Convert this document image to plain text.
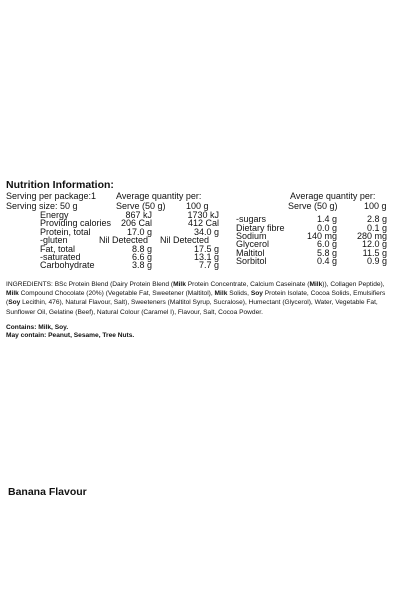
Nutrition Information:
Serving per package:1 Average quantity per:	Average quantity per:
Serving size: 50 g	Serve (50 g) 100 g	Serve (50 g)	100 g
Energy	867 kJ	1730 kJ
Providing calories 206 Cal	412 Cal
Protein, total	17.0 g	34.0 g
-gluten	Nil Detected Nil Detected
Fat, total	8.8 g	17.5 g
-saturated	6.6 g	13.1 g
Carbohydrate	3.8 g	7.7 g
-sugars	1.4 g	2.8 g
Dietary fibre	0.0 g	0.1 g
Sodium	140 mg 280 mg
Glycerol	6.0 g	12.0 g
Maltitol	5.8 g	11.5 g
Sorbitol	0.4 g	0.9 g
INGREDIENTS: BSc Protein Blend (Dairy Protein Blend (Milk Protein Concentrate, Calcium Caseinate (Milk)), Collagen Peptide), Milk Compound Chocolate (20%) (Vegetable Fat, Sweetener (Maltitol), Milk Solids, Soy Protein Isolate, Cocoa Solids, Emulsifiers (Soy Lecithin, 476), Natural Flavour, Salt), Sweeteners (Maltitol Syrup, Sucralose), Humectant (Glycerol), Water, Vegetable Fat, Sunflower Oil, Gelatine (Beef), Natural Colour (Caramel I), Flavour, Salt, Cocoa Powder.
Contains: Milk, Soy.
May contain: Peanut, Sesame, Tree Nuts.
Banana Flavour
